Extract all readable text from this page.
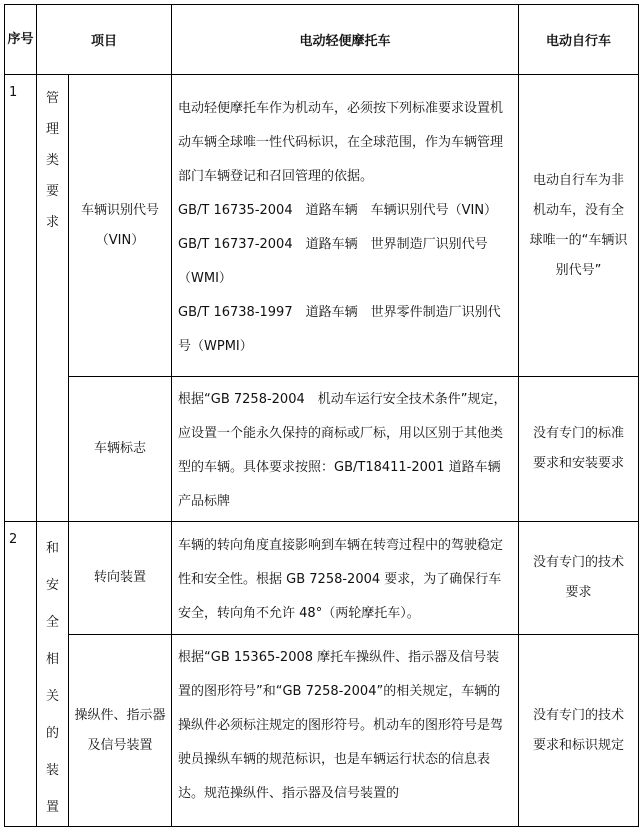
序号	项目		电动轻便摩托车	电动自行车
1	管理类要求	车辆识别代号（VIN）	电动轻便摩托车作为机动车，必须按下列标准要求设置机动车辆全球唯一性代码标识，在全球范围，作为车辆管理部门车辆登记和召回管理的依据。

GB/T 16735-2004　道路车辆　车辆识别代号（VIN）

GB/T 16737-2004　道路车辆　世界制造厂识别代号（WMI）

GB/T 16738-1997　道路车辆　世界零件制造厂识别代号（WPMI）	电动自行车为非机动车，没有全球唯一的“车辆识别代号”
		车辆标志	根据“GB 7258-2004　机动车运行安全技术条件”规定，应设置一个能永久保持的商标或厂标，用以区别于其他类型的车辆。具体要求按照：GB/T18411-2001 道路车辆 产品标牌	没有专门的标准要求和安装要求
2	和安全相关的装置	转向装置	车辆的转向角度直接影响到车辆在转弯过程中的驾驶稳定性和安全性。根据 GB 7258-2004 要求，为了确保行车安全，转向角不允许 48°（两轮摩托车）。	没有专门的技术要求
		操纵件、指示器及信号装置	根据“GB 15365-2008 摩托车操纵件、指示器及信号装置的图形符号”和“GB 7258-2004”的相关规定，车辆的操纵件必须标注规定的图形符号。机动车的图形符号是驾驶员操纵车辆的规范标识，也是车辆运行状态的信息表达。规范操纵件、指示器及信号装置的	没有专门的技术要求和标识规定
